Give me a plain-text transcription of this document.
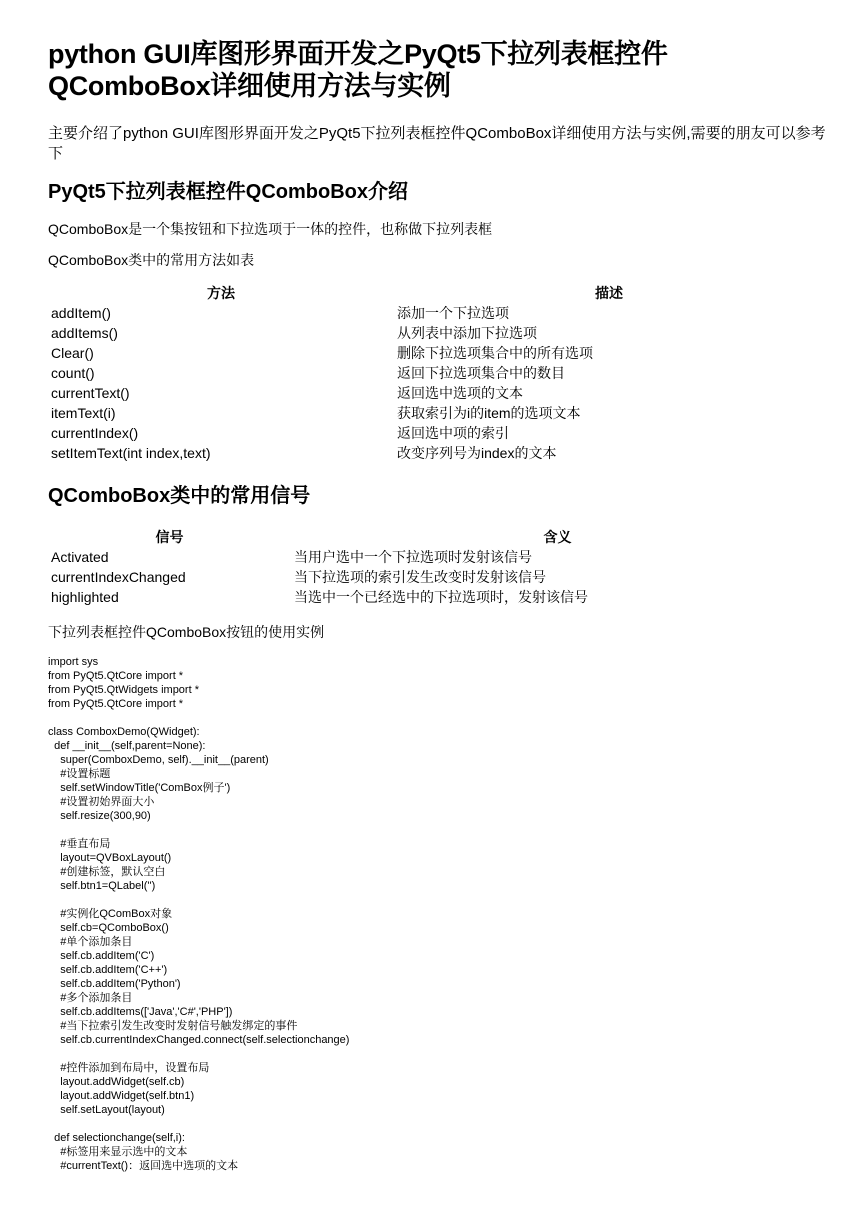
python GUI库图形界面开发之PyQt5下拉列表框控件QComboBox详细使用方法与实例

主要介绍了python GUI库图形界面开发之PyQt5下拉列表框控件QComboBox详细使用方法与实例,需要的朋友可以参考下

PyQt5下拉列表框控件QComboBox介绍

QComboBox是一个集按钮和下拉选项于一体的控件，也称做下拉列表框

QComboBox类中的常用方法如表

方法	描述
addItem()	添加一个下拉选项
addItems()	从列表中添加下拉选项
Clear()	删除下拉选项集合中的所有选项
count()	返回下拉选项集合中的数目
currentText()	返回选中选项的文本
itemText(i)	获取索引为i的item的选项文本
currentIndex()	返回选中项的索引
setItemText(int index,text)	改变序列号为index的文本
QComboBox类中的常用信号
信号	含义
Activated	当用户选中一个下拉选项时发射该信号
currentIndexChanged	当下拉选项的索引发生改变时发射该信号
highlighted	当选中一个已经选中的下拉选项时，发射该信号

下拉列表框控件QComboBox按钮的使用实例

import sys
from PyQt5.QtCore import *
from PyQt5.QtWidgets import *
from PyQt5.QtCore import *

class ComboxDemo(QWidget):
def __init__(self,parent=None):
super(ComboxDemo, self).__init__(parent)
#设置标题
self.setWindowTitle('ComBox例子')
#设置初始界面大小
self.resize(300,90)

#垂直布局
layout=QVBoxLayout()
#创建标签，默认空白
self.btn1=QLabel('')

#实例化QComBox对象
self.cb=QComboBox()
#单个添加条目
self.cb.addItem('C')
self.cb.addItem('C++')
self.cb.addItem('Python')
#多个添加条目
self.cb.addItems(['Java','C#','PHP'])
#当下拉索引发生改变时发射信号触发绑定的事件
self.cb.currentIndexChanged.connect(self.selectionchange)

#控件添加到布局中，设置布局
layout.addWidget(self.cb)
layout.addWidget(self.btn1)
self.setLayout(layout)

def selectionchange(self,i):
#标签用来显示选中的文本
#currentText()：返回选中选项的文本
